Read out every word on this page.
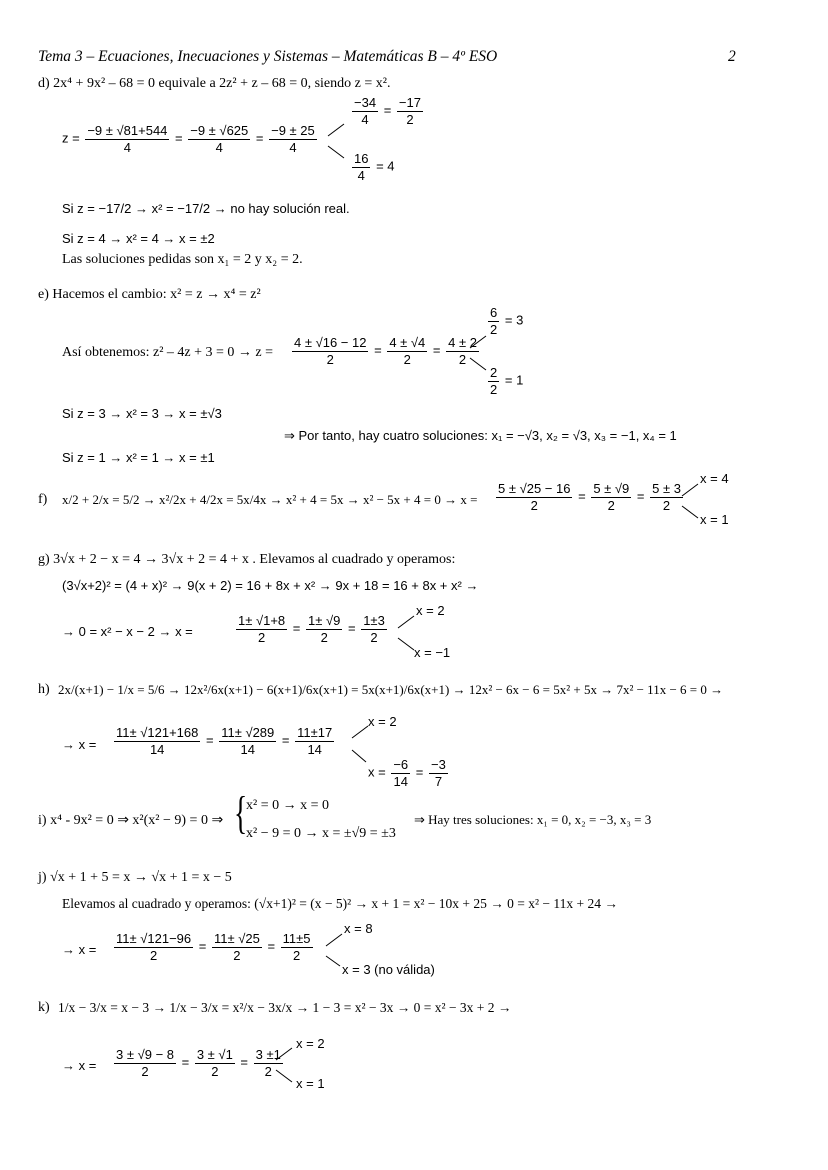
Tema 3 – Ecuaciones, Inecuaciones y Sistemas – Matemáticas B – 4º ESO	2
d) 2x⁴ + 9x² – 68 = 0 equivale a 2z² + z – 68 = 0, siendo z = x².
$z = \frac{-9 \pm √81+544}{4} = \frac{-9 \pm √625}{4} = \frac{-9 \pm 25}{4}$
$\frac{-34}{4} = \frac{-17}{2}$
$\frac{16}{4} = 4$
Si z = −17/2 → x² = −17/2 → no hay solución real.
Si z = 4 → x² = 4 → x = ±2
Las soluciones pedidas son x₁ = 2 y x₂ = 2.
e) Hacemos el cambio: x² = z → x⁴ = z²
Así obtenemos: $z^2 - 4z + 3 = 0 \to z = \frac{4 \pm √16 - 12}{2} = \frac{4 \pm √4}{2} = \frac{4 \pm 2}{2}$
$\frac{6}{2} = 3$
$\frac{2}{2} = 1$
Si z = 3 → x² = 3 → x = ±√3
⇒ Por tanto, hay cuatro soluciones: x₁ = −√3, x₂ = √3, x₃ = −1, x₄ = 1
Si z = 1 → x² = 1 → x = ±1
f) $x/2 + 2/x = 5/2 \to x^2/2x + 4/2x = 5x/4x \to x^2 + 4 = 5x \to x^2 - 5x + 4 = 0 \to x = \frac{5 \pm √25 - 16}{2} = \frac{5 \pm √9}{2} = \frac{5 \pm 3}{2}$
x = 4
x = 1
g) 3√x + 2 − x = 4 → 3√x + 2 = 4 + x . Elevamos al cuadrado y operamos:
(3√x+2)² = (4 + x)² → 9(x + 2) = 16 + 8x + x² → 9x + 18 = 16 + 8x + x² →
→ 0 = x² − x − 2 → x =	$\frac{1\pm √1+8}{2} = \frac{1\pm √9}{2} = \frac{1\pm 3}{2}$
x = 2
x = −1
h) 2x/(x+1) − 1/x = 5/6 → 12x²/6x(x+1) − 6(x+1)/6x(x+1) = 5x(x+1)/6x(x+1) → 12x² − 6x − 6 = 5x² + 5x → 7x² − 11x − 6 = 0 →
→ $x = \frac{11\pm √121+168}{14} = \frac{11\pm √289}{14} = \frac{11\pm 17}{14}$
x = 2
$x = \frac{-6}{14} = \frac{-3}{7}$
i) x⁴ - 9x² = 0 ⇒ x²(x² − 9) = 0 ⇒ {
x² = 0 → x = 0
x² − 9 = 0 → x = ±√9 = ±3
⇒ Hay tres soluciones: x₁ = 0, x₂ = −3, x₃ = 3
j) √x + 1 + 5 = x → √x + 1 = x − 5
Elevamos al cuadrado y operamos: (√x+1)² = (x − 5)² → x + 1 = x² − 10x + 25 → 0 = x² − 11x + 24 →
→ $x = \frac{11\pm √121-96}{2} = \frac{11\pm √25}{2} = \frac{11\pm 5}{2}$
x = 8
x = 3 (no válida)
k) 1/x − 3/x = x − 3 → 1/x − 3/x = x²/x − 3x/x → 1 − 3 = x² − 3x → 0 = x² − 3x + 2 →
→ $x = \frac{3 \pm √9 - 8}{2} = \frac{3 \pm √1}{2} = \frac{3 \pm 1}{2}$
x = 2
x = 1
